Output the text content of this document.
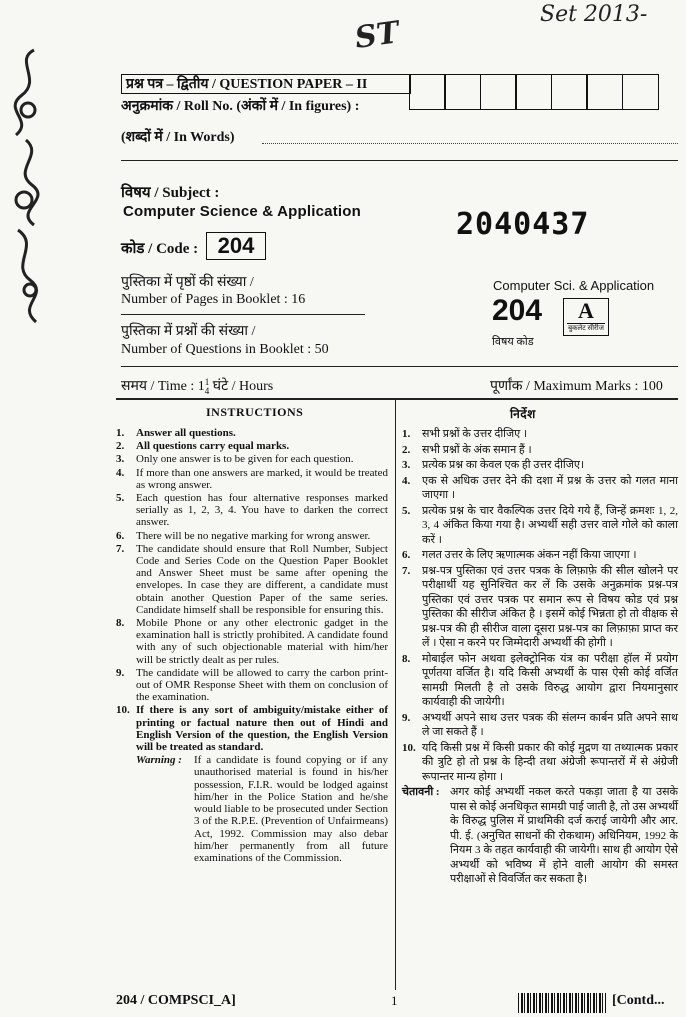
Set 2013-
ST
प्रश्न पत्र – द्वितीय / QUESTION PAPER – II
अनुक्रमांक / Roll No. (अंकों में / In figures) :
(शब्दों में / In Words)
विषय / Subject :
Computer Science & Application	2040437
कोड / Code : 204
पुस्तिका में पृष्ठों की संख्या /
Number of Pages in Booklet : 16
पुस्तिका में प्रश्नों की संख्या /
Number of Questions in Booklet : 50
Computer Sci. & Application
204	A
बुकलेट सीरीज
विषय कोड
समय / Time : 11
4 घंटे / Hours	पूर्णांक / Maximum Marks : 100
INSTRUCTIONS	निर्देश
1.	Answer all questions.
2.	All questions carry equal marks.
3.	Only one answer is to be given for each question.
4.	If more than one answers are marked, it would be treated as wrong answer.
5.	Each question has four alternative responses marked serially as 1, 2, 3, 4. You have to darken the correct answer.
6.	There will be no negative marking for wrong answer.
7.	The candidate should ensure that Roll Number, Subject Code and Series Code on the Question Paper Booklet and Answer Sheet must be same after opening the envelopes. In case they are different, a candidate must obtain another Question Paper of the same series. Candidate himself shall be responsible for ensuring this.
8.	Mobile Phone or any other electronic gadget in the examination hall is strictly prohibited. A candidate found with any of such objectionable material with him/her will be strictly dealt as per rules.
9.	The candidate will be allowed to carry the carbon print-out of OMR Response Sheet with them on conclusion of the examination.
10. If there is any sort of ambiguity/mistake either of printing or factual nature then out of Hindi and English Version of the question, the English Version will be treated as standard.
Warning :	If a candidate is found copying or if any unauthorised material is found in his/her possession, F.I.R. would be lodged against him/her in the Police Station and he/she would liable to be prosecuted under Section 3 of the R.P.E. (Prevention of Unfairmeans) Act, 1992. Commission may also debar him/her permanently from all future examinations of the Commission.
1.	सभी प्रश्नों के उत्तर दीजिए ।
2.	सभी प्रश्नों के अंक समान हैं ।
3.	प्रत्येक प्रश्न का केवल एक ही उत्तर दीजिए।
4.	एक से अधिक उत्तर देने की दशा में प्रश्न के उत्तर को गलत माना जाएगा ।
5.	प्रत्येक प्रश्न के चार वैकल्पिक उत्तर दिये गये हैं, जिन्हें क्रमशः 1, 2, 3, 4 अंकित किया गया है। अभ्यर्थी सही उत्तर वाले गोले को काला करें ।
6.	गलत उत्तर के लिए ऋणात्मक अंकन नहीं किया जाएगा ।
7.	प्रश्न-पत्र पुस्तिका एवं उत्तर पत्रक के लिफ़ाफ़े की सील खोलने पर परीक्षार्थी यह सुनिश्चित कर लें कि उसके अनुक्रमांक प्रश्न-पत्र पुस्तिका एवं उत्तर पत्रक पर समान रूप से विषय कोड एवं प्रश्न पुस्तिका की सीरीज अंकित है । इसमें कोई भिन्नता हो तो वीक्षक से प्रश्न-पत्र की ही सीरीज वाला दूसरा प्रश्न-पत्र का लिफ़ाफ़ा प्राप्त कर लें । ऐसा न करने पर जिम्मेदारी अभ्यर्थी की होगी ।
8.	मोबाईल फोन अथवा इलेक्ट्रोनिक यंत्र का परीक्षा हॉल में प्रयोग पूर्णतया वर्जित है। यदि किसी अभ्यर्थी के पास ऐसी कोई वर्जित सामग्री मिलती है तो उसके विरुद्ध आयोग द्वारा नियमानुसार कार्यवाही की जायेगी।
9.	अभ्यर्थी अपने साथ उत्तर पत्रक की संलग्न कार्बन प्रति अपने साथ ले जा सकते हैं ।
10. यदि किसी प्रश्न में किसी प्रकार की कोई मुद्रण या तथ्यात्मक प्रकार की त्रुटि हो तो प्रश्न के हिन्दी तथा अंग्रेजी रूपान्तरों में से अंग्रेजी रूपान्तर मान्य होगा ।
चेतावनी : अगर कोई अभ्यर्थी नकल करते पकड़ा जाता है या उसके पास से कोई अनधिकृत सामग्री पाई जाती है, तो उस अभ्यर्थी के विरुद्ध पुलिस में प्राथमिकी दर्ज कराई जायेगी और आर. पी. ई. (अनुचित साधनों की रोकथाम) अधिनियम, 1992 के नियम 3 के तहत कार्यवाही की जायेगी। साथ ही आयोग ऐसे अभ्यर्थी को भविष्य में होने वाली आयोग की समस्त परीक्षाओं से विवर्जित कर सकता है।
204 / COMPSCI_A]	1	[Contd...
